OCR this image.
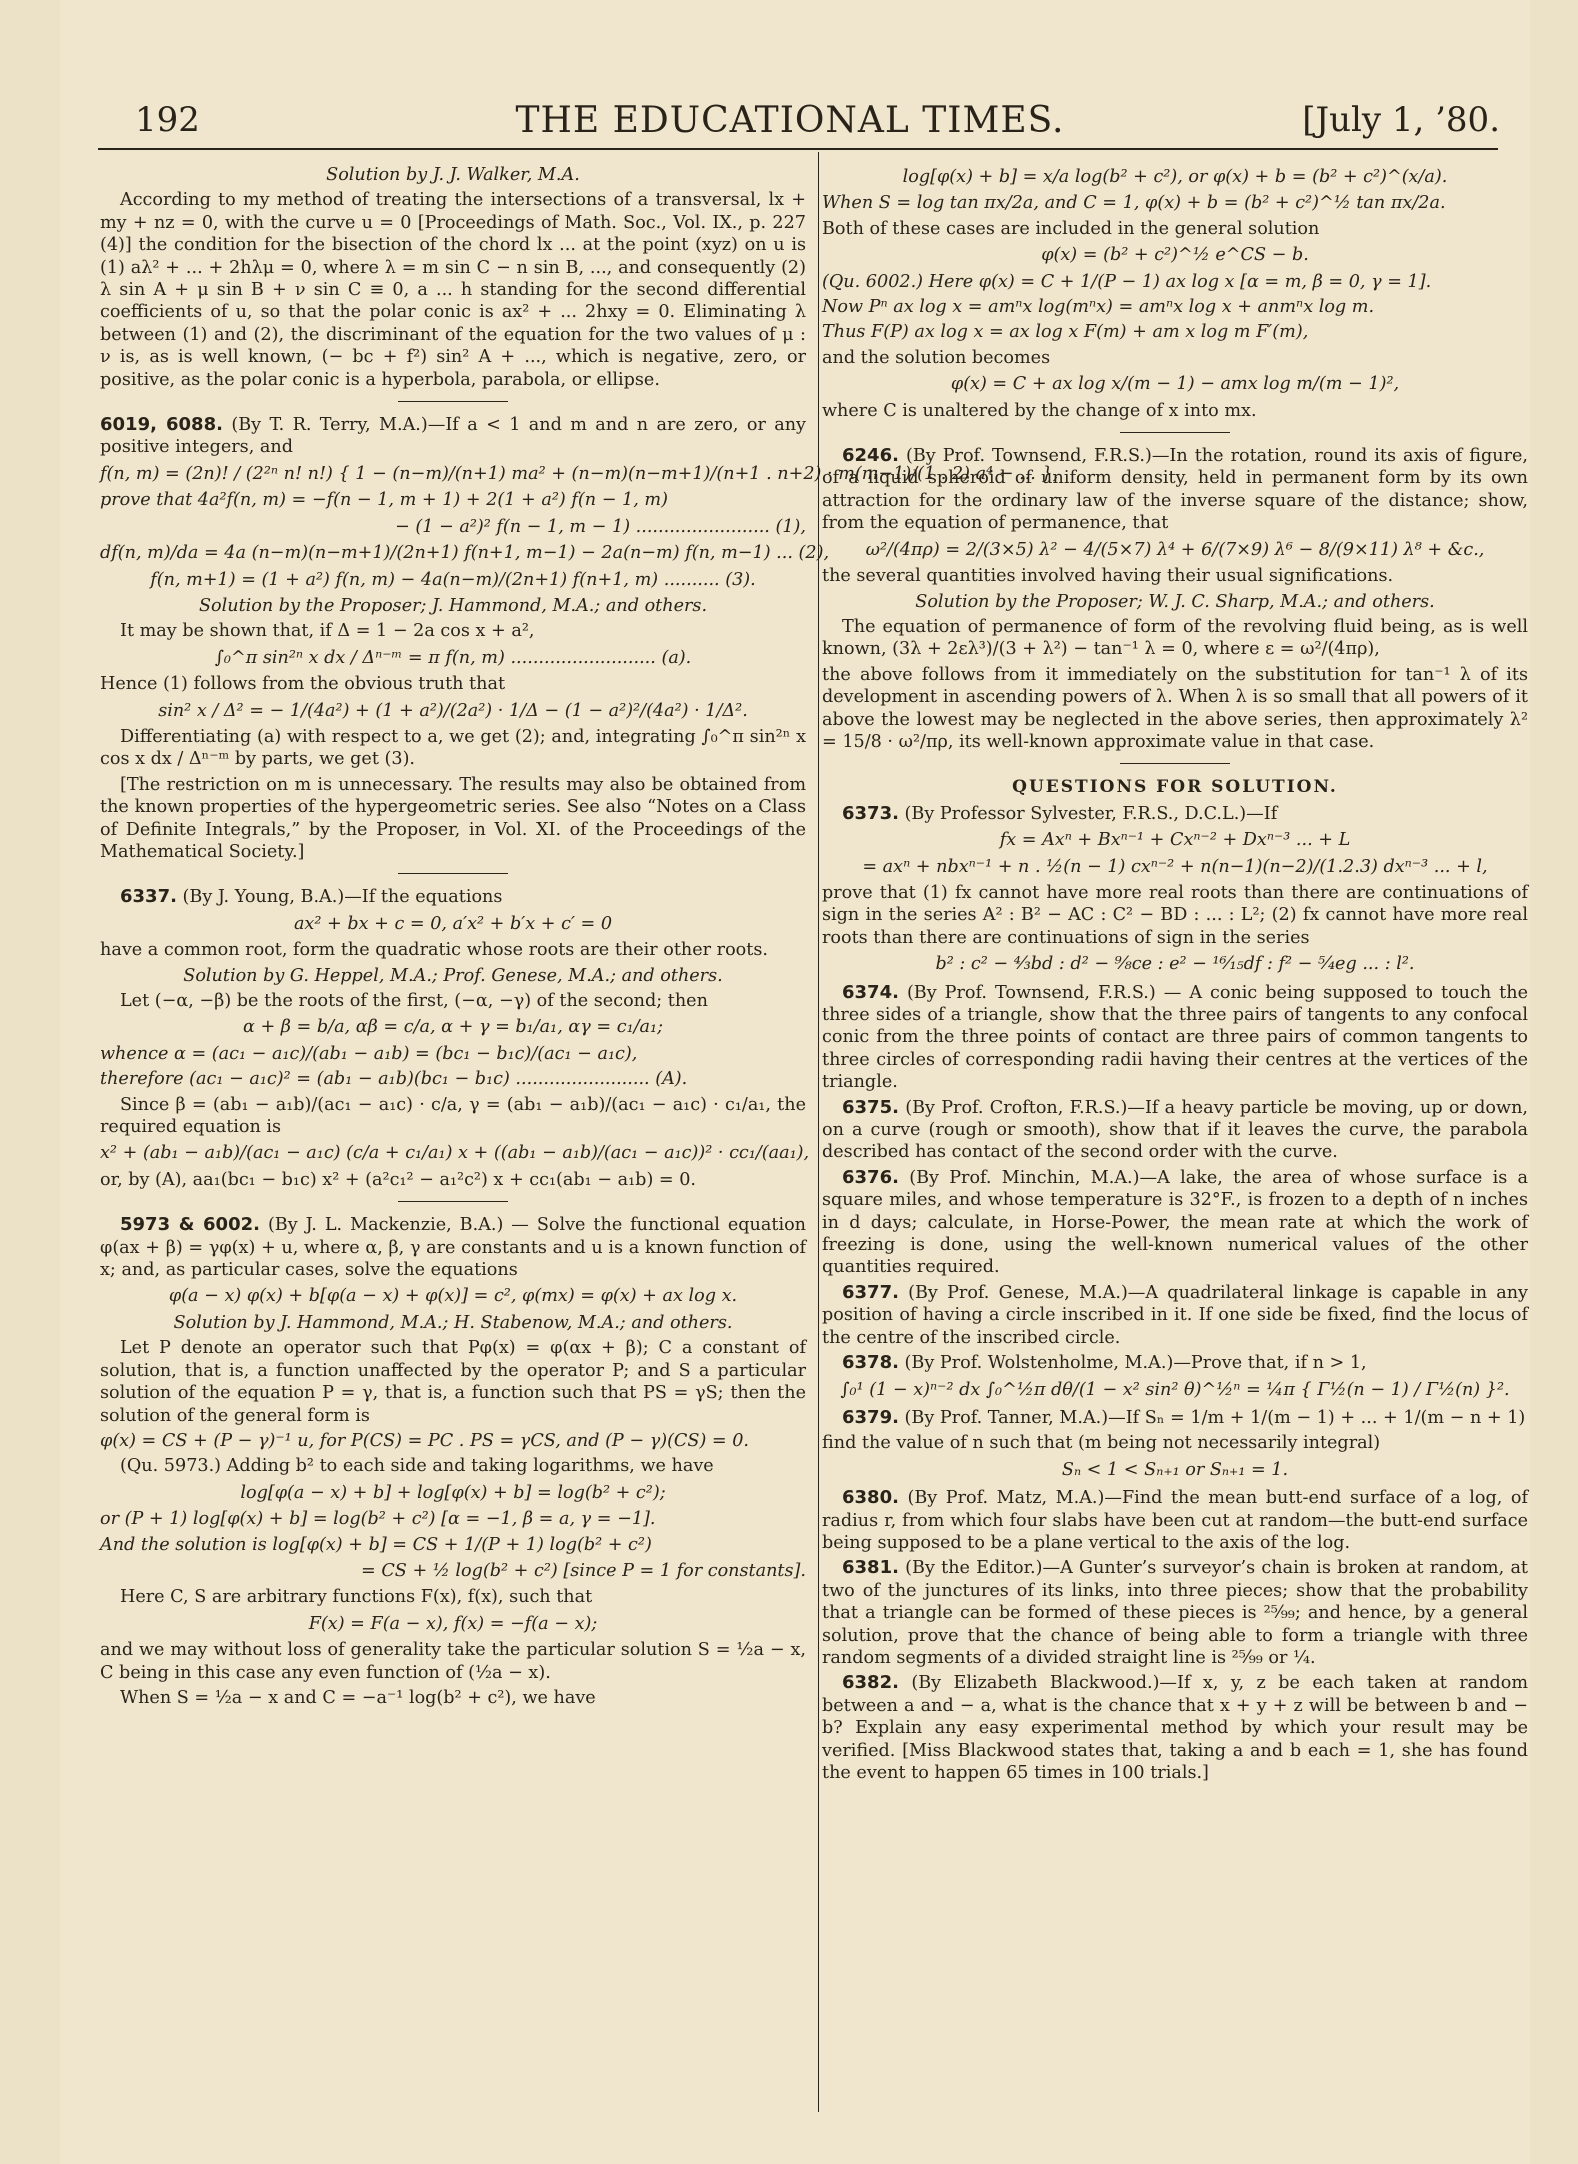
192	THE EDUCATIONAL TIMES.	[July 1, ’80.

Solution by J. J. Walker, M.A.

According to my method of treating the intersections of a transversal, lx + my + nz = 0, with the curve u = 0 [Proceedings of Math. Soc., Vol. IX., p. 227 (4)] the condition for the bisection of the chord lx ... at the point (xyz) on u is (1) aλ² + ... + 2hλμ = 0, where λ = m sin C − n sin B, ..., and consequently (2) λ sin A + μ sin B + ν sin C ≡ 0, a ... h standing for the second differential coefficients of u, so that the polar conic is ax² + ... 2hxy = 0. Eliminating λ between (1) and (2), the discriminant of the equation for the two values of μ : ν is, as is well known, (− bc + f²) sin² A + ..., which is negative, zero, or positive, as the polar conic is a hyperbola, parabola, or ellipse.

6019, 6088. (By T. R. Terry, M.A.)—If a < 1 and m and n are zero, or any positive integers, and

f(n, m) = (2n)! / (2²ⁿ n! n!) { 1 − (n−m)/(n+1) ma² + (n−m)(n−m+1)/(n+1 . n+2) · m(m−1)/(1 . 2) a⁴ − ... },

prove that 4a²f(n, m) = −f(n − 1, m + 1) + 2(1 + a²) f(n − 1, m)

− (1 − a²)² f(n − 1, m − 1) ........................ (1),

df(n, m)/da = 4a (n−m)(n−m+1)/(2n+1) f(n+1, m−1) − 2a(n−m) f(n, m−1) ... (2),

f(n, m+1) = (1 + a²) f(n, m) − 4a(n−m)/(2n+1) f(n+1, m) .......... (3).

Solution by the Proposer; J. Hammond, M.A.; and others.

It may be shown that, if Δ = 1 − 2a cos x + a²,

∫₀^π sin²ⁿ x dx / Δⁿ⁻ᵐ = π f(n, m) .......................... (a).

Hence (1) follows from the obvious truth that

sin² x / Δ² = − 1/(4a²) + (1 + a²)/(2a²) · 1/Δ − (1 − a²)²/(4a²) · 1/Δ².

Differentiating (a) with respect to a, we get (2); and, integrating ∫₀^π sin²ⁿ x cos x dx / Δⁿ⁻ᵐ by parts, we get (3).

[The restriction on m is unnecessary. The results may also be obtained from the known properties of the hypergeometric series. See also “Notes on a Class of Definite Integrals,” by the Proposer, in Vol. XI. of the Proceedings of the Mathematical Society.]

6337. (By J. Young, B.A.)—If the equations

ax² + bx + c = 0, a′x² + b′x + c′ = 0

have a common root, form the quadratic whose roots are their other roots.

Solution by G. Heppel, M.A.; Prof. Genese, M.A.; and others.

Let (−α, −β) be the roots of the first, (−α, −γ) of the second; then

α + β = b/a, αβ = c/a, α + γ = b₁/a₁, αγ = c₁/a₁;

whence α = (ac₁ − a₁c)/(ab₁ − a₁b) = (bc₁ − b₁c)/(ac₁ − a₁c),

therefore (ac₁ − a₁c)² = (ab₁ − a₁b)(bc₁ − b₁c) ........................ (A).

Since β = (ab₁ − a₁b)/(ac₁ − a₁c) · c/a, γ = (ab₁ − a₁b)/(ac₁ − a₁c) · c₁/a₁, the required equation is

x² + (ab₁ − a₁b)/(ac₁ − a₁c) (c/a + c₁/a₁) x + ((ab₁ − a₁b)/(ac₁ − a₁c))² · cc₁/(aa₁),

or, by (A), aa₁(bc₁ − b₁c) x² + (a²c₁² − a₁²c²) x + cc₁(ab₁ − a₁b) = 0.

5973 & 6002. (By J. L. Mackenzie, B.A.) — Solve the functional equation φ(ax + β) = γφ(x) + u, where α, β, γ are constants and u is a known function of x; and, as particular cases, solve the equations

φ(a − x) φ(x) + b[φ(a − x) + φ(x)] = c², φ(mx) = φ(x) + ax log x.

Solution by J. Hammond, M.A.; H. Stabenow, M.A.; and others.

Let P denote an operator such that Pφ(x) = φ(αx + β); C a constant of solution, that is, a function unaffected by the operator P; and S a particular solution of the equation P = γ, that is, a function such that PS = γS; then the solution of the general form is

φ(x) = CS + (P − γ)⁻¹ u, for P(CS) = PC . PS = γCS, and (P − γ)(CS) = 0.

(Qu. 5973.) Adding b² to each side and taking logarithms, we have

log[φ(a − x) + b] + log[φ(x) + b] = log(b² + c²);

or (P + 1) log[φ(x) + b] = log(b² + c²) [α = −1, β = a, γ = −1].

And the solution is log[φ(x) + b] = CS + 1/(P + 1) log(b² + c²)

= CS + ½ log(b² + c²) [since P = 1 for constants].

Here C, S are arbitrary functions F(x), f(x), such that

F(x) = F(a − x), f(x) = −f(a − x);

and we may without loss of generality take the particular solution S = ½a − x, C being in this case any even function of (½a − x).

When S = ½a − x and C = −a⁻¹ log(b² + c²), we have

log[φ(x) + b] = x/a log(b² + c²), or φ(x) + b = (b² + c²)^(x/a).

When S = log tan πx/2a, and C = 1, φ(x) + b = (b² + c²)^½ tan πx/2a.

Both of these cases are included in the general solution

φ(x) = (b² + c²)^½ e^CS − b.

(Qu. 6002.) Here φ(x) = C + 1/(P − 1) ax log x [α = m, β = 0, γ = 1].

Now Pⁿ ax log x = amⁿx log(mⁿx) = amⁿx log x + anmⁿx log m.

Thus F(P) ax log x = ax log x F(m) + am x log m F′(m),

and the solution becomes

φ(x) = C + ax log x/(m − 1) − amx log m/(m − 1)²,

where C is unaltered by the change of x into mx.

6246. (By Prof. Townsend, F.R.S.)—In the rotation, round its axis of figure, of a liquid spheroid of uniform density, held in permanent form by its own attraction for the ordinary law of the inverse square of the distance; show, from the equation of permanence, that

ω²/(4πρ) = 2/(3×5) λ² − 4/(5×7) λ⁴ + 6/(7×9) λ⁶ − 8/(9×11) λ⁸ + &c.,

the several quantities involved having their usual significations.

Solution by the Proposer; W. J. C. Sharp, M.A.; and others.

The equation of permanence of form of the revolving fluid being, as is well known, (3λ + 2ελ³)/(3 + λ²) − tan⁻¹ λ = 0, where ε = ω²/(4πρ),

the above follows from it immediately on the substitution for tan⁻¹ λ of its development in ascending powers of λ. When λ is so small that all powers of it above the lowest may be neglected in the above series, then approximately λ² = 15/8 · ω²/πρ, its well-known approximate value in that case.

QUESTIONS FOR SOLUTION.

6373. (By Professor Sylvester, F.R.S., D.C.L.)—If

fx = Axⁿ + Bxⁿ⁻¹ + Cxⁿ⁻² + Dxⁿ⁻³ ... + L

= axⁿ + nbxⁿ⁻¹ + n . ½(n − 1) cxⁿ⁻² + n(n−1)(n−2)/(1.2.3) dxⁿ⁻³ ... + l,

prove that (1) fx cannot have more real roots than there are continuations of sign in the series A² : B² − AC : C² − BD : ... : L²; (2) fx cannot have more real roots than there are continuations of sign in the series

b² : c² − ⁴⁄₃bd : d² − ⁹⁄₈ce : e² − ¹⁶⁄₁₅df : f² − ⁵⁄₄eg ... : l².

6374. (By Prof. Townsend, F.R.S.) — A conic being supposed to touch the three sides of a triangle, show that the three pairs of tangents to any confocal conic from the three points of contact are three pairs of common tangents to three circles of corresponding radii having their centres at the vertices of the triangle.

6375. (By Prof. Crofton, F.R.S.)—If a heavy particle be moving, up or down, on a curve (rough or smooth), show that if it leaves the curve, the parabola described has contact of the second order with the curve.

6376. (By Prof. Minchin, M.A.)—A lake, the area of whose surface is a square miles, and whose temperature is 32°F., is frozen to a depth of n inches in d days; calculate, in Horse-Power, the mean rate at which the work of freezing is done, using the well-known numerical values of the other quantities required.

6377. (By Prof. Genese, M.A.)—A quadrilateral linkage is capable in any position of having a circle inscribed in it. If one side be fixed, find the locus of the centre of the inscribed circle.

6378. (By Prof. Wolstenholme, M.A.)—Prove that, if n > 1,

∫₀¹ (1 − x)ⁿ⁻² dx ∫₀^½π dθ/(1 − x² sin² θ)^½ⁿ = ¼π { Γ½(n − 1) / Γ½(n) }².

6379. (By Prof. Tanner, M.A.)—If Sₙ = 1/m + 1/(m − 1) + ... + 1/(m − n + 1)

find the value of n such that (m being not necessarily integral)

Sₙ < 1 < Sₙ₊₁ or Sₙ₊₁ = 1.

6380. (By Prof. Matz, M.A.)—Find the mean butt-end surface of a log, of radius r, from which four slabs have been cut at random—the butt-end surface being supposed to be a plane vertical to the axis of the log.

6381. (By the Editor.)—A Gunter’s surveyor’s chain is broken at random, at two of the junctures of its links, into three pieces; show that the probability that a triangle can be formed of these pieces is ²⁵⁄₉₉; and hence, by a general solution, prove that the chance of being able to form a triangle with three random segments of a divided straight line is ²⁵⁄₉₉ or ¼.

6382. (By Elizabeth Blackwood.)—If x, y, z be each taken at random between a and − a, what is the chance that x + y + z will be between b and − b? Explain any easy experimental method by which your result may be verified. [Miss Blackwood states that, taking a and b each = 1, she has found the event to happen 65 times in 100 trials.]
